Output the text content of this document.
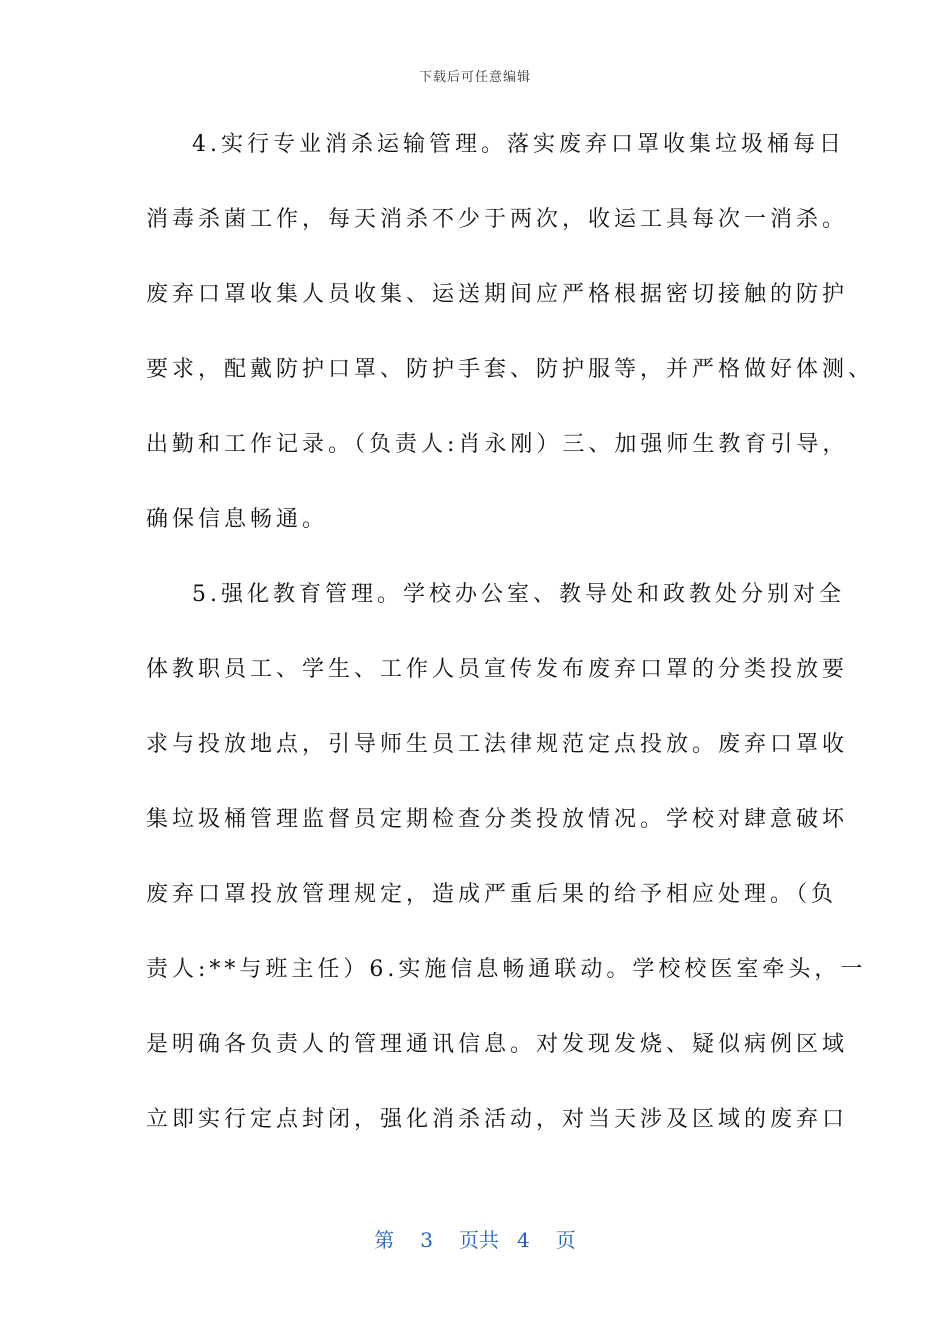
下载后可任意编辑
4.实行专业消杀运输管理。落实废弃口罩收集垃圾桶每日
消毒杀菌工作，每天消杀不少于两次，收运工具每次一消杀。
废弃口罩收集人员收集、运送期间应严格根据密切接触的防护
要求，配戴防护口罩、防护手套、防护服等，并严格做好体测、
出勤和工作记录。（负责人:肖永刚）三、加强师生教育引导，
确保信息畅通。
5.强化教育管理。学校办公室、教导处和政教处分别对全
体教职员工、学生、工作人员宣传发布废弃口罩的分类投放要
求与投放地点，引导师生员工法律规范定点投放。废弃口罩收
集垃圾桶管理监督员定期检查分类投放情况。学校对肆意破坏
废弃口罩投放管理规定，造成严重后果的给予相应处理。（负
责人:**与班主任）6.实施信息畅通联动。学校校医室牵头，一
是明确各负责人的管理通讯信息。对发现发烧、疑似病例区域
立即实行定点封闭，强化消杀活动，对当天涉及区域的废弃口
第 3 页共 4 页
